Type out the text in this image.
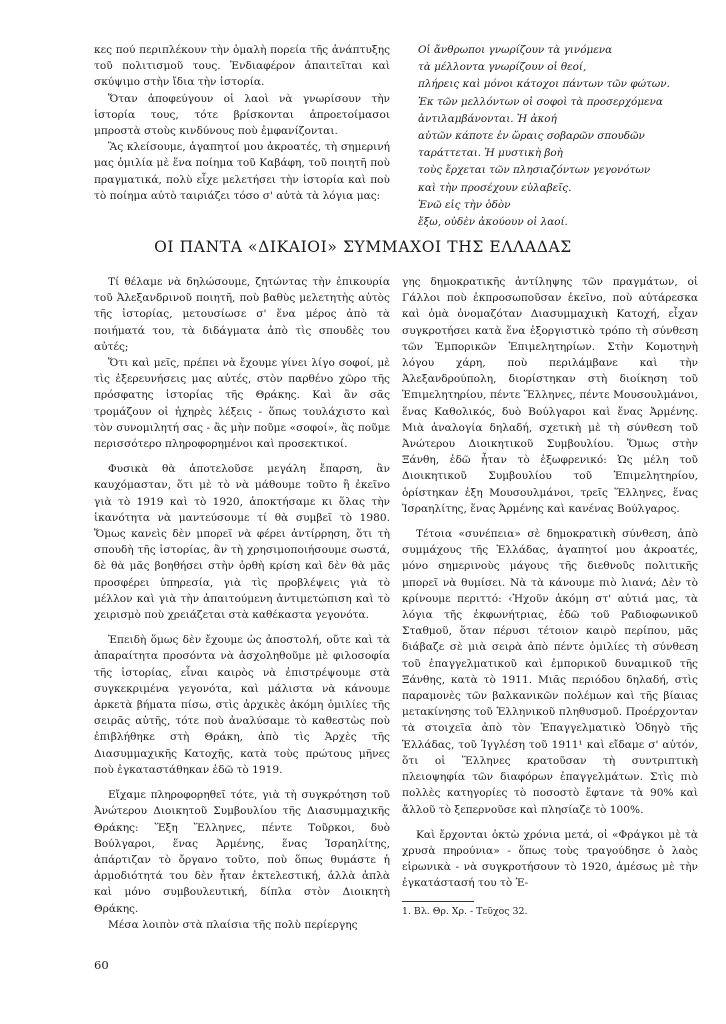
κες πού περιπλέκουν τὴν ὁμαλὴ πορεία τῆς ἀνάπτυξης τοῦ πολιτισμοῦ τους. Ἐνδιαφέρον ἀπαιτεῖται καὶ σκύψιμο στὴν ἴδια τὴν ἱστορία.

Ὅταν ἀποφεύγουν οἱ λαοὶ νὰ γνωρίσουν τὴν ἱστορία τους, τότε βρίσκονται ἀπροετοίμασοι μπροστὰ στοὺς κινδύνους ποὺ ἐμφανίζονται.

Ἃς κλείσουμε, ἀγαπητοί μου ἀκροατές, τὴ σημερινή μας ὁμιλία μὲ ἕνα ποίημα τοῦ Καβάφη, τοῦ ποιητῆ ποὺ πραγματικά, πολὺ εἶχε μελετήσει τὴν ἱστορία καὶ ποὺ τὸ ποίημα αὐτὸ ταιριάζει τόσο σ' αὐτὰ τὰ λόγια μας:

Οἱ ἄνθρωποι γνωρίζουν τὰ γινόμενα
τὰ μέλλοντα γνωρίζουν οἱ θεοί,
πλήρεις καὶ μόνοι κάτοχοι πάντων τῶν φώτων.
Ἐκ τῶν μελλόντων οἱ σοφοὶ τὰ προσερχόμενα
ἀντιλαμβάνονται. Ἡ ἀκοή
αὐτῶν κάποτε ἐν ὥραις σοβαρῶν σπουδῶν
ταράττεται. Ἡ μυστικὴ βοὴ
τοὺς ἔρχεται τῶν πλησιαζόντων γεγονότων
καὶ τὴν προσέχουν εὐλαβεῖς.
Ἐνῶ εἰς τὴν ὁδὸν
ἔξω, οὐδὲν ἀκούουν οἱ λαοί.
ΟΙ ΠΑΝΤΑ «ΔΙΚΑΙΟΙ» ΣΥΜΜΑΧΟΙ ΤΗΣ ΕΛΛΑΔΑΣ

Τί θέλαμε νὰ δηλώσουμε, ζητώντας τὴν ἐπικουρία τοῦ Ἀλεξανδρινοῦ ποιητῆ, ποὺ βαθὺς μελετητὴς αὐτὸς τῆς ἱστορίας, μετουσίωσε σ' ἕνα μέρος ἀπὸ τὰ ποιήματά του, τὰ διδάγματα ἀπὸ τὶς σπουδὲς του αὐτές;

Ὅτι καὶ μεῖς, πρέπει νὰ ἔχουμε γίνει λίγο σοφοί, μὲ τὶς ἐξερευνήσεις μας αὐτές, στὸν παρθένο χῶρο τῆς πρόσφατης ἱστορίας τῆς Θράκης. Καὶ ἂν σᾶς τρομάζουν οἱ ἠχηρὲς λέξεις - ὅπως τουλάχιστο καὶ τὸν συνομιλητή σας - ἂς μὴν ποῦμε «σοφοί», ἂς ποῦμε περισσότερο πληροφορημένοι καὶ προσεκτικοί.

Φυσικὰ θὰ ἀποτελοῦσε μεγάλη ἔπαρση, ἂν καυχόμασταν, ὅτι μὲ τὸ νὰ μάθουμε τοῦτο ἢ ἐκεῖνο γιὰ τὸ 1919 καὶ τὸ 1920, ἀποκτήσαμε κι ὅλας τὴν ἱκανότητα νὰ μαντεύσουμε τί θὰ συμβεῖ τὸ 1980. Ὅμως κανεὶς δὲν μπορεῖ νὰ φέρει ἀντίρρηση, ὅτι τὴ σπουδὴ τῆς ἱστορίας, ἂν τὴ χρησιμοποιήσουμε σωστά, δὲ θὰ μᾶς βοηθήσει στὴν ὀρθὴ κρίση καὶ δὲν θὰ μᾶς προσφέρει ὑπηρεσία, γιὰ τὶς προβλέψεις γιὰ τὸ μέλλον καὶ γιὰ τὴν ἀπαιτούμενη ἀντιμετώπιση καὶ τὸ χειρισμὸ ποὺ χρειάζεται στὰ καθέκαστα γεγονότα.

Ἐπειδὴ ὅμως δὲν ἔχουμε ὡς ἀποστολή, οὔτε καὶ τὰ ἀπαραίτητα προσόντα νὰ ἀσχοληθοῦμε μὲ φιλοσοφία τῆς ἱστορίας, εἶναι καιρὸς νὰ ἐπιστρέψουμε στὰ συγκεκριμένα γεγονότα, καὶ μάλιστα νὰ κάνουμε ἀρκετὰ βήματα πίσω, στὶς ἀρχικὲς ἀκόμη ὁμιλίες τῆς σειρᾶς αὐτῆς, τότε ποὺ ἀναλύσαμε τὸ καθεστὼς ποὺ ἐπιβλήθηκε στὴ Θράκη, ἀπὸ τὶς Ἀρχὲς τῆς Διασυμμαχικῆς Κατοχῆς, κατὰ τοὺς πρώτους μῆνες ποὺ ἐγκαταστάθηκαν ἐδῶ τὸ 1919.

Εἴχαμε πληροφορηθεῖ τότε, γιὰ τὴ συγκρότηση τοῦ Ἀνώτερου Διοικητοῦ Συμβουλίου τῆς Διασυμμαχικῆς Θράκης: Ἕξη Ἕλληνες, πέντε Τοῦρκοι, δυὸ Βούλγαροι, ἕνας Ἀρμένης, ἕνας Ἰσραηλίτης, ἀπάρτιζαν τὸ ὄργανο τοῦτο, ποὺ ὅπως θυμάστε ἡ ἁρμοδιότητά του δὲν ἦταν ἐκτελεστική, ἀλλὰ ἁπλὰ καὶ μόνο συμβουλευτική, δίπλα στὸν Διοικητὴ Θράκης.

Μέσα λοιπὸν στὰ πλαίσια τῆς πολὺ περίεργης

γης δημοκρατικῆς ἀντίληψης τῶν πραγμάτων, οἱ Γάλλοι ποὺ ἐκπροσωποῦσαν ἐκεῖνο, ποὺ αὐτάρεσκα καὶ ὁμὰ ὀνομαζόταν Διασυμμαχικὴ Κατοχή, εἶχαν συγκροτήσει κατὰ ἕνα ἐξοργιστικὸ τρόπο τὴ σύνθεση τῶν Ἐμπορικῶν Ἐπιμελητηρίων. Στὴν Κομοτηνὴ λόγου χάρη, ποὺ περιλάμβανε καὶ τὴν Ἀλεξανδρούπολη, διορίστηκαν στὴ διοίκηση τοῦ Ἐπιμελητηρίου, πέντε Ἕλληνες, πέντε Μουσουλμάνοι, ἕνας Καθολικός, δυὸ Βούλγαροι καὶ ἕνας Ἀρμένης. Μιὰ ἀναλογία δηλαδή, σχετικὴ μὲ τὴ σύνθεση τοῦ Ἀνώτερου Διοικητικοῦ Συμβουλίου. Ὅμως στὴν Ξάνθη, ἐδῶ ἦταν τὸ ἐξωφρενικό: Ὡς μέλη τοῦ Διοικητικοῦ Συμβουλίου τοῦ Ἐπιμελητηρίου, ὁρίστηκαν ἑξη Μουσουλμάνοι, τρεῖς Ἕλληνες, ἕνας Ἰσραηλίτης, ἕνας Ἀρμένης καὶ κανένας Βούλγαρος.

Τέτοια «συνέπεια» σὲ δημοκρατικὴ σύνθεση, ἀπὸ συμμάχους τῆς Ἑλλάδας, ἀγαπητοί μου ἀκροατές, μόνο σημερινοὺς μάγους τῆς διεθνοῦς πολιτικῆς μπορεῖ νὰ θυμίσει. Νὰ τὰ κάνουμε πιὸ λιανά; Δὲν τὸ κρίνουμε περιττό: ‹Ἠχοῦν ἀκόμη στ' αὐτιά μας, τὰ λόγια τῆς ἐκφωνήτριας, ἐδῶ τοῦ Ραδιοφωνικοῦ Σταθμοῦ, ὅταν πέρυσι τέτοιον καιρὸ περίπου, μᾶς διάβαζε σὲ μιὰ σειρὰ ἀπὸ πέντε ὁμιλίες τὴ σύνθεση τοῦ ἐπαγγελματικοῦ καὶ ἐμπορικοῦ δυναμικοῦ τῆς Ξάνθης, κατὰ τὸ 1911. Μιᾶς περιόδου δηλαδή, στὶς παραμονὲς τῶν βαλκανικῶν πολέμων καὶ τῆς βίαιας μετακίνησης τοῦ Ἑλληνικοῦ πληθυσμοῦ. Προέρχονταν τὰ στοιχεῖα ἀπὸ τὸν Ἐπαγγελματικὸ Ὁδηγὸ τῆς Ἑλλάδας, τοῦ Ἰγγλέση τοῦ 1911¹ καὶ εἴδαμε σ' αὐτόν, ὅτι οἱ Ἕλληνες κρατοῦσαν τὴ συντριπτικὴ πλειοψηφία τῶν διαφόρων ἐπαγγελμάτων. Στὶς πιὸ πολλὲς κατηγορίες τὸ ποσοστὸ ἔφτανε τὰ 90% καὶ ἄλλοῦ τὸ ξεπερνοῦσε καὶ πλησίαζε τὸ 100%.

Καὶ ἔρχονται ὀκτὼ χρόνια μετά, οἱ «Φράγκοι μὲ τὰ χρυσὰ πηρούνια» - ὅπως τοὺς τραγούδησε ὁ λαὸς εἰρωνικὰ - νὰ συγκροτήσουν τὸ 1920, ἀμέσως μὲ τὴν ἐγκατάστασή του τὸ Ἐ-

1. Βλ. Θρ. Χρ. - Τεῦχος 32.
60
